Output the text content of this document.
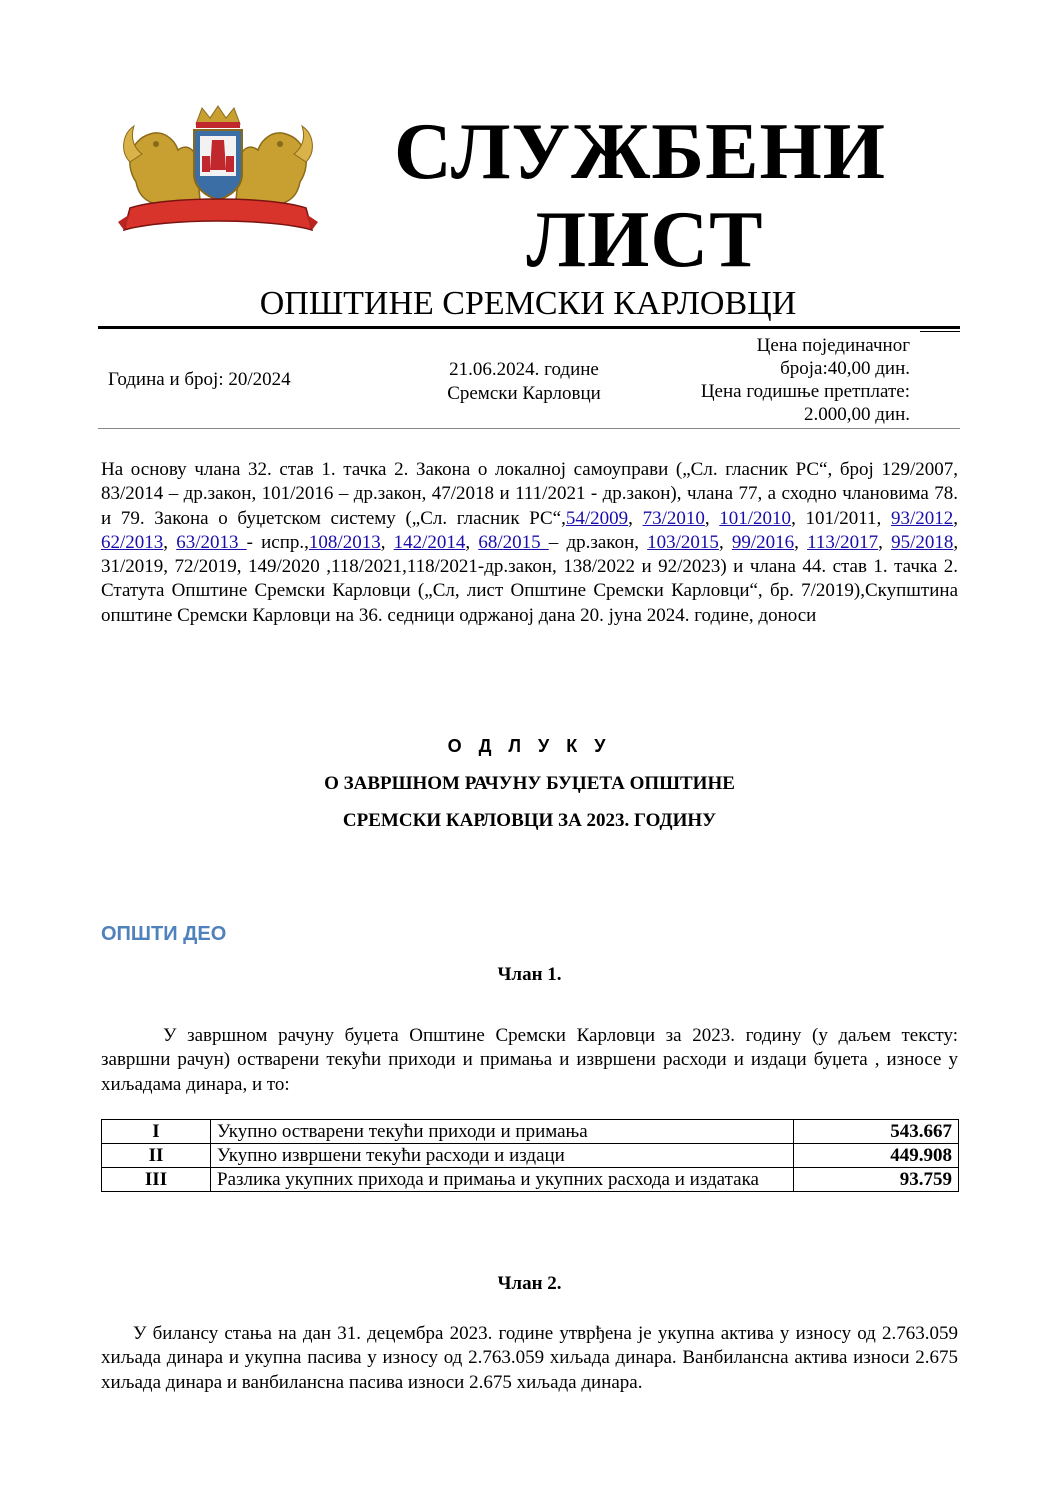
СЛУЖБЕНИ
ЛИСТ
ОПШТИНЕ СРЕМСКИ КАРЛОВЦИ
Година и број: 20/2024	21.06.2024. године
Сремски Карловци
Цена појединачног
броја:40,00 дин.
Цена годишње претплате:
2.000,00 дин.
На основу члана 32. став 1. тачка 2. Закона о локалној самоуправи („Сл. гласник РС“, број 129/2007, 83/2014 – др.закон, 101/2016 – др.закон, 47/2018 и 111/2021 - др.закон), члана 77, а сходно члановима 78. и 79. Закона о буџетском систему („Сл. гласник РС“,54/2009, 73/2010, 101/2010, 101/2011, 93/2012, 62/2013, 63/2013 - испр.,108/2013, 142/2014, 68/2015 – др.закон, 103/2015, 99/2016, 113/2017, 95/2018, 31/2019, 72/2019, 149/2020 ,118/2021,118/2021-др.закон, 138/2022 и 92/2023) и члана 44. став 1. тачка 2. Статута Општине Сремски Карловци („Сл, лист Општине Сремски Карловци“, бр. 7/2019),Скупштина општине Сремски Карловци на 36. седници одржаној дана 20. јуна 2024. године, доноси
О Д Л У К У
О ЗАВРШНОМ РАЧУНУ БУЏЕТА ОПШТИНЕ
СРЕМСКИ КАРЛОВЦИ ЗА 2023. ГОДИНУ
ОПШТИ ДЕО
Члан 1.
У завршном рачуну буџета Општине Сремски Карловци за 2023. годину (у даљем тексту: завршни рачун) остварени текући приходи и примања и извршени расходи и издаци буџета , износе у хиљадама динара, и то:
I	Укупно остварени текући приходи и примања	543.667
II	Укупно извршени текући расходи и издаци	449.908
III	Разлика укупних прихода и примања и укупних расхода и издатака	93.759
Члан 2.
У билансу стања на дан 31. децембра 2023. године утврђена је укупна актива у износу од 2.763.059 хиљада динара и укупна пасива у износу од 2.763.059 хиљада динара. Ванбилансна актива износи 2.675 хиљада динара и ванбилансна пасива износи 2.675 хиљада динара.
